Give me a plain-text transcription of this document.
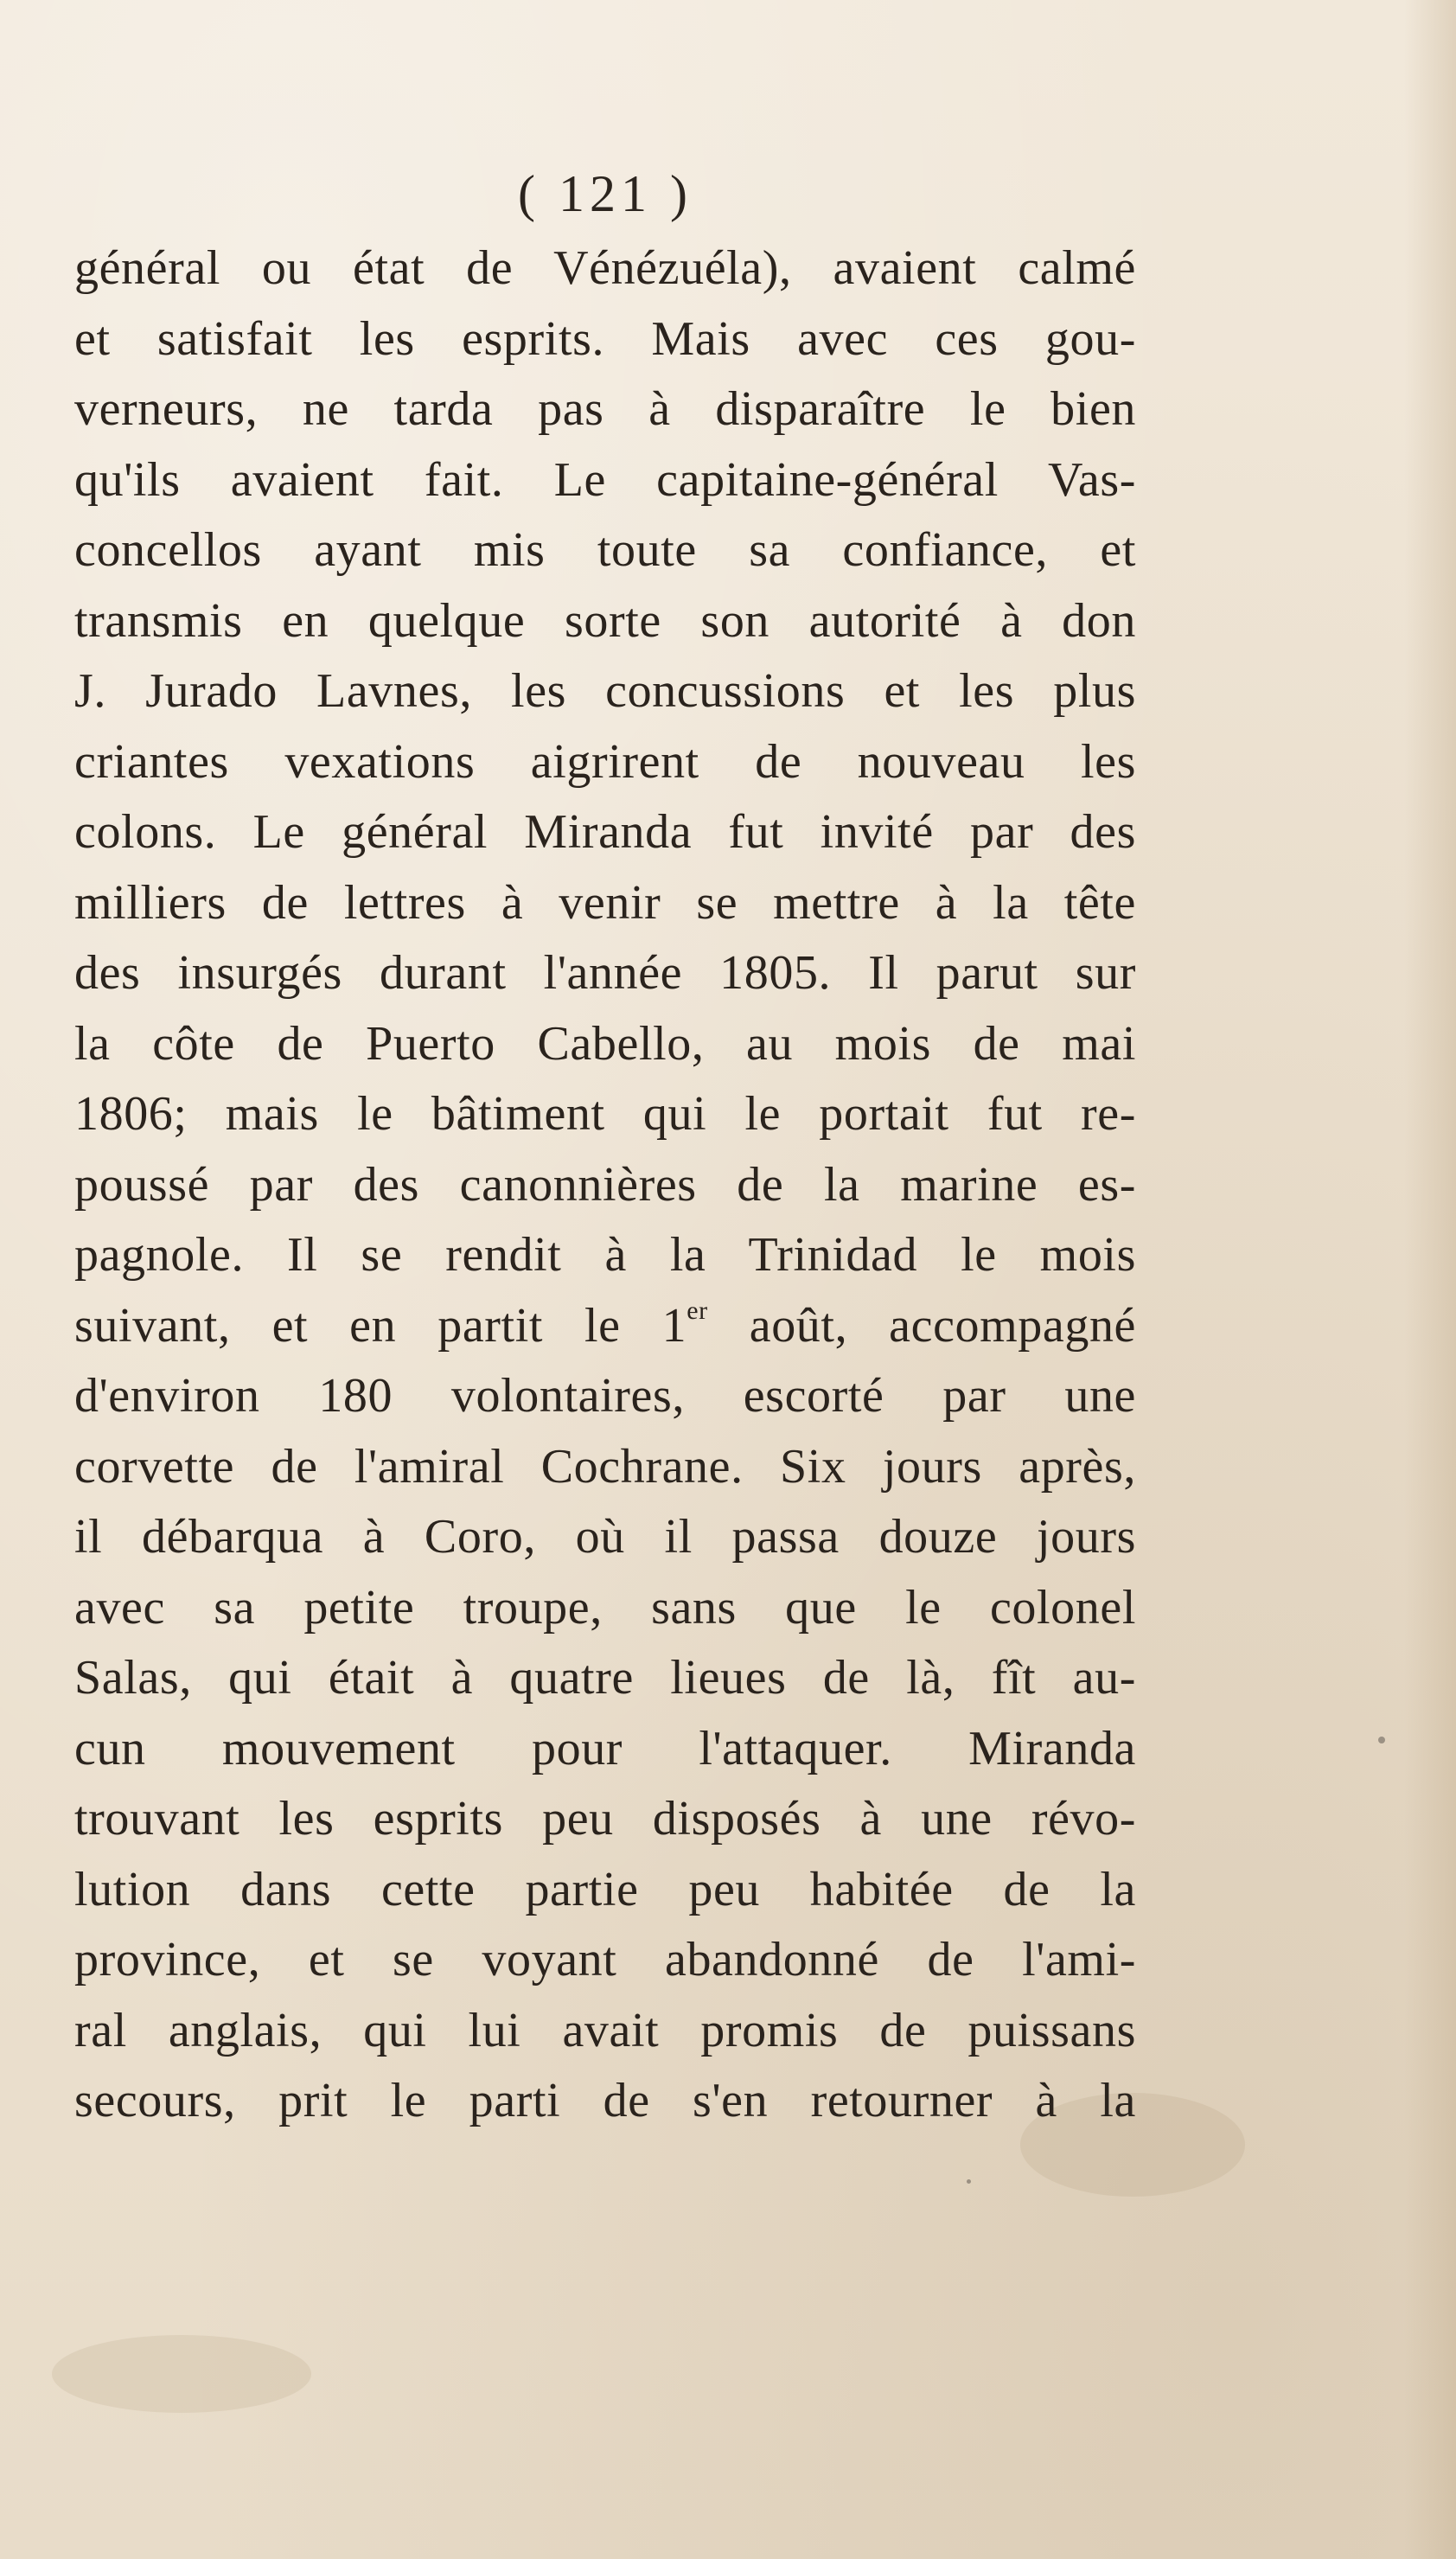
( 121 )
général ou état de Vénézuéla), avaient calmé
et satisfait les esprits. Mais avec ces gou-
verneurs, ne tarda pas à disparaître le bien
qu'ils avaient fait. Le capitaine-général Vas-
concellos ayant mis toute sa confiance, et
transmis en quelque sorte son autorité à don
J. Jurado Lavnes, les concussions et les plus
criantes vexations aigrirent de nouveau les
colons. Le général Miranda fut invité par des
milliers de lettres à venir se mettre à la tête
des insurgés durant l'année 1805. Il parut sur
la côte de Puerto Cabello, au mois de mai
1806; mais le bâtiment qui le portait fut re-
poussé par des canonnières de la marine es-
pagnole. Il se rendit à la Trinidad le mois
suivant, et en partit le 1er août, accompagné
d'environ 180 volontaires, escorté par une
corvette de l'amiral Cochrane. Six jours après,
il débarqua à Coro, où il passa douze jours
avec sa petite troupe, sans que le colonel
Salas, qui était à quatre lieues de là, fît au-
cun mouvement pour l'attaquer. Miranda
trouvant les esprits peu disposés à une révo-
lution dans cette partie peu habitée de la
province, et se voyant abandonné de l'ami-
ral anglais, qui lui avait promis de puissans
secours, prit le parti de s'en retourner à la
